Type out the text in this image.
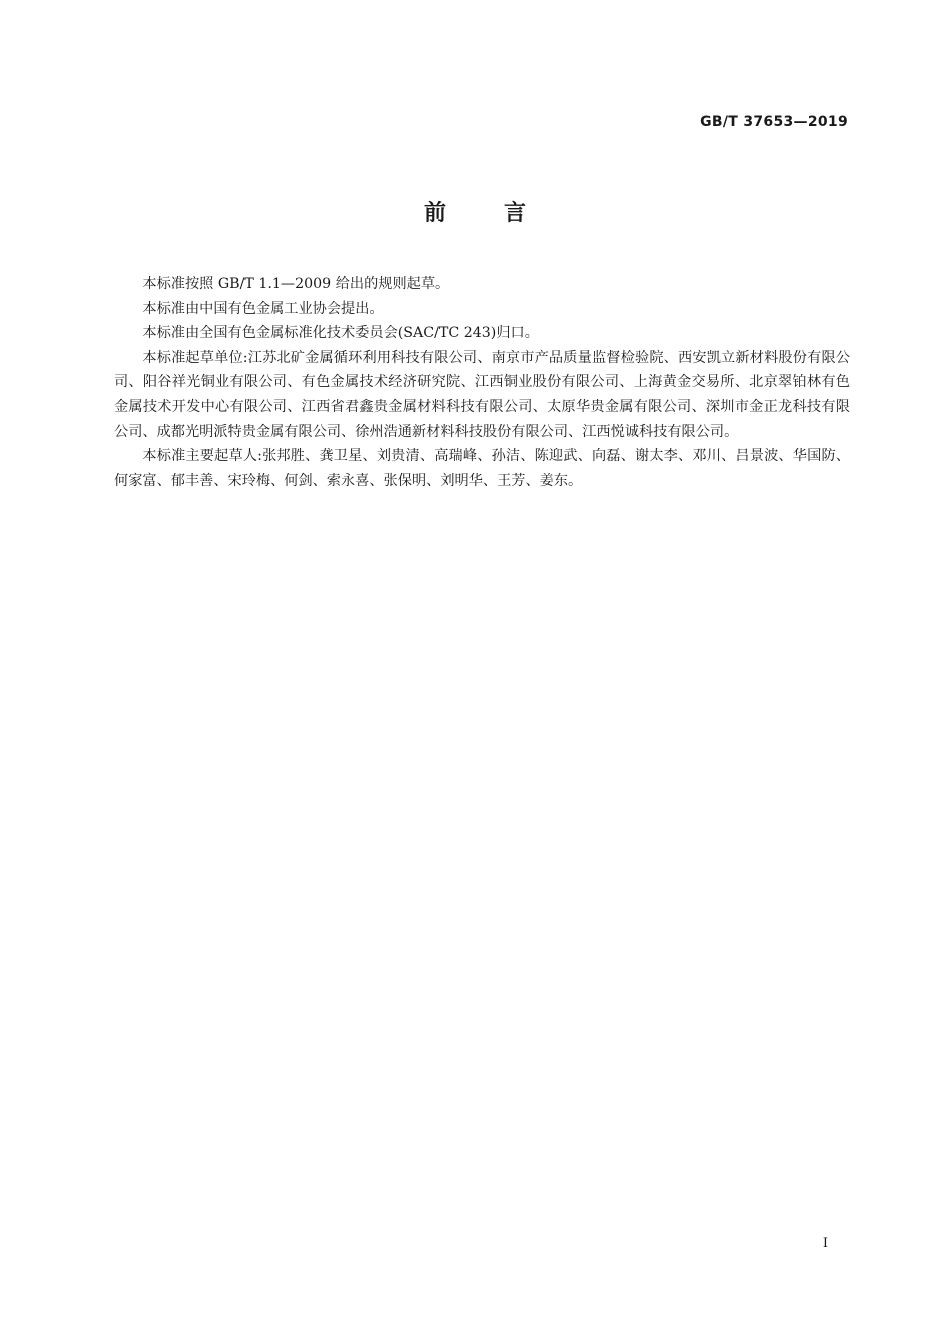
GB/T 37653—2019
前言

本标准按照 GB/T 1.1—2009 给出的规则起草。

本标准由中国有色金属工业协会提出。

本标准由全国有色金属标准化技术委员会(SAC/TC 243)归口。

本标准起草单位:江苏北矿金属循环利用科技有限公司、南京市产品质量监督检验院、西安凯立新材料股份有限公司、阳谷祥光铜业有限公司、有色金属技术经济研究院、江西铜业股份有限公司、上海黄金交易所、北京翠铂林有色金属技术开发中心有限公司、江西省君鑫贵金属材料科技有限公司、太原华贵金属有限公司、深圳市金正龙科技有限公司、成都光明派特贵金属有限公司、徐州浩通新材料科技股份有限公司、江西悦诚科技有限公司。

本标准主要起草人:张邦胜、龚卫星、刘贵清、高瑞峰、孙洁、陈迎武、向磊、谢太李、邓川、吕景波、华国防、何家富、郁丰善、宋玲梅、何剑、索永喜、张保明、刘明华、王芳、姜东。

I
